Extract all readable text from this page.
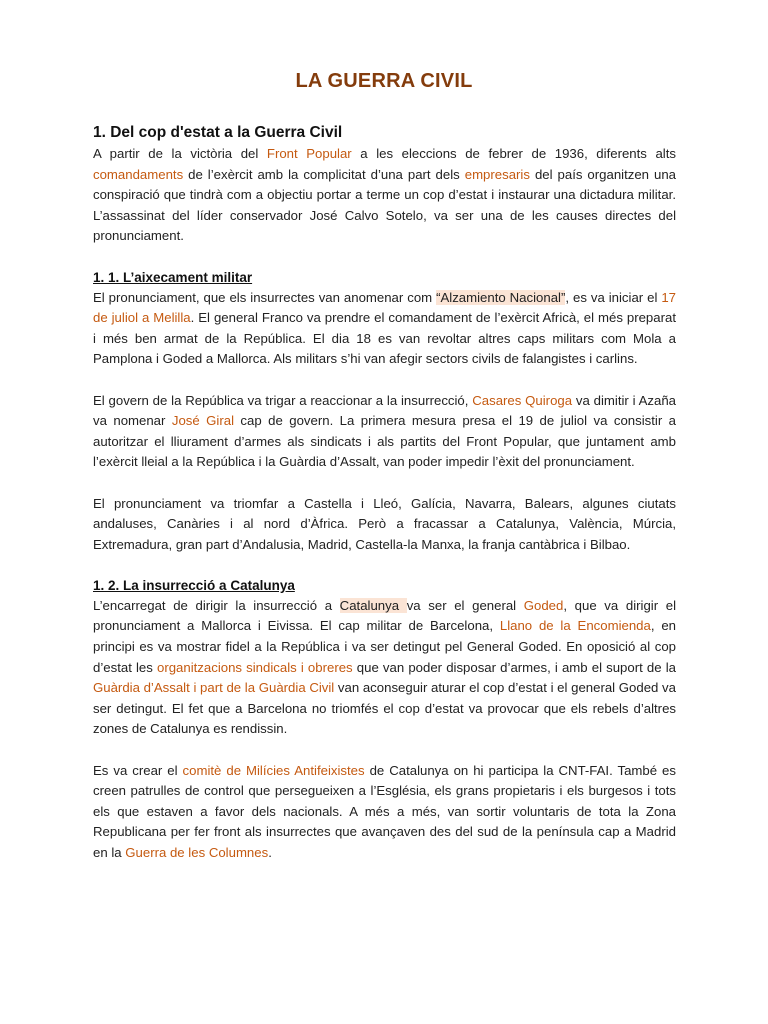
LA GUERRA CIVIL
1. Del cop d'estat a la Guerra Civil

A partir de la victòria del Front Popular a les eleccions de febrer de 1936, diferents alts comandaments de l’exèrcit amb la complicitat d’una part dels empresaris del país organitzen una conspiració que tindrà com a objectiu portar a terme un cop d’estat i instaurar una dictadura militar. L’assassinat del líder conservador José Calvo Sotelo, va ser una de les causes directes del pronunciament.

1. 1. L’aixecament militar

El pronunciament, que els insurrectes van anomenar com “Alzamiento Nacional”, es va iniciar el 17 de juliol a Melilla. El general Franco va prendre el comandament de l’exèrcit Africà, el més preparat i més ben armat de la República. El dia 18 es van revoltar altres caps militars com Mola a Pamplona i Goded a Mallorca. Als militars s’hi van afegir sectors civils de falangistes i carlins.

El govern de la República va trigar a reaccionar a la insurrecció, Casares Quiroga va dimitir i Azaña va nomenar José Giral cap de govern. La primera mesura presa el 19 de juliol va consistir a autoritzar el lliurament d’armes als sindicats i als partits del Front Popular, que juntament amb l’exèrcit lleial a la República i la Guàrdia d’Assalt, van poder impedir l’èxit del pronunciament.

El pronunciament va triomfar a Castella i Lleó, Galícia, Navarra, Balears, algunes ciutats andaluses, Canàries i al nord d’Àfrica. Però a fracassar a Catalunya, València, Múrcia, Extremadura, gran part d’Andalusia, Madrid, Castella-la Manxa, la franja cantàbrica i Bilbao.

1. 2. La insurrecció a Catalunya

L’encarregat de dirigir la insurrecció a Catalunya va ser el general Goded, que va dirigir el pronunciament a Mallorca i Eivissa. El cap militar de Barcelona, Llano de la Encomienda, en principi es va mostrar fidel a la República i va ser detingut pel General Goded. En oposició al cop d’estat les organitzacions sindicals i obreres que van poder disposar d’armes, i amb el suport de la Guàrdia d’Assalt i part de la Guàrdia Civil van aconseguir aturar el cop d’estat i el general Goded va ser detingut. El fet que a Barcelona no triomfés el cop d’estat va provocar que els rebels d’altres zones de Catalunya es rendissin.

Es va crear el comitè de Milícies Antifeixistes de Catalunya on hi participa la CNT-FAI. També es creen patrulles de control que persegueixen a l’Església, els grans propietaris i els burgesos i tots els que estaven a favor dels nacionals. A més a més, van sortir voluntaris de tota la Zona Republicana per fer front als insurrectes que avançaven des del sud de la península cap a Madrid en la Guerra de les Columnes.
